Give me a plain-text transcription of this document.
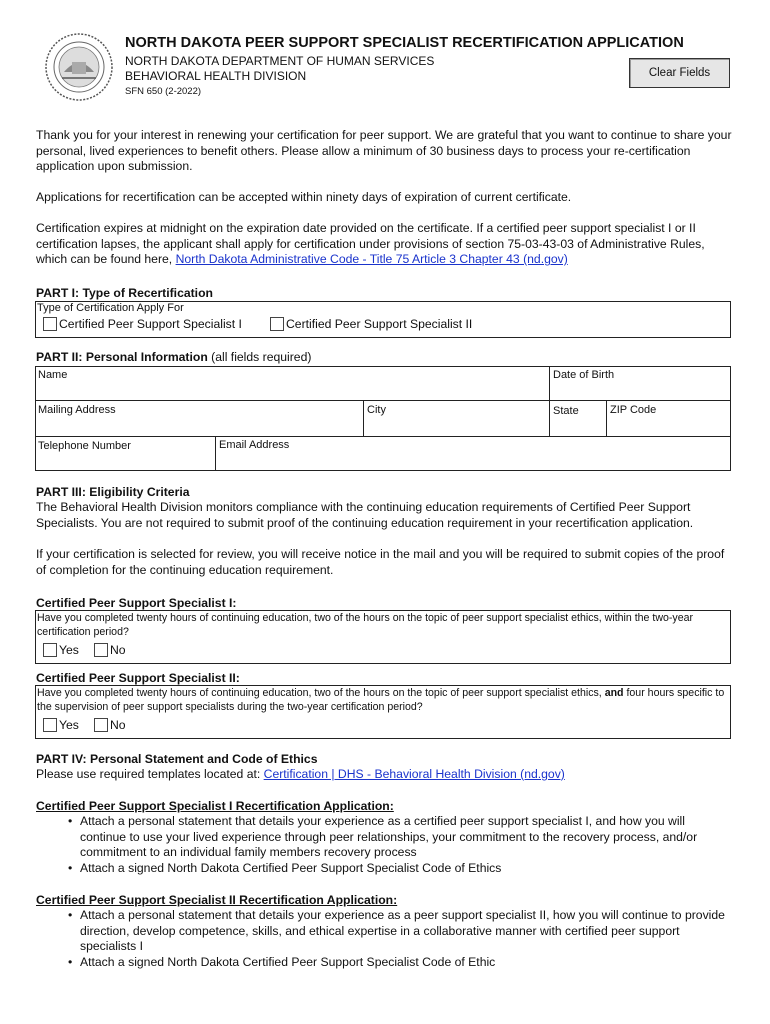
NORTH DAKOTA PEER SUPPORT SPECIALIST RECERTIFICATION APPLICATION
NORTH DAKOTA DEPARTMENT OF HUMAN SERVICES
BEHAVIORAL HEALTH DIVISION
SFN 650 (2-2022)
Clear Fields
Thank you for your interest in renewing your certification for peer support. We are grateful that you want to continue to share your personal, lived experiences to benefit others. Please allow a minimum of 30 business days to process your re-certification application upon submission.
Applications for recertification can be accepted within ninety days of expiration of current certificate.
Certification expires at midnight on the expiration date provided on the certificate. If a certified peer support specialist I or II certification lapses, the applicant shall apply for certification under provisions of section 75-03-43-03 of Administrative Rules, which can be found here, North Dakota Administrative Code - Title 75 Article 3 Chapter 43 (nd.gov)
PART I: Type of Recertification
Type of Certification Apply For
Certified Peer Support Specialist I	Certified Peer Support Specialist II
PART II: Personal Information (all fields required)
Name	Date of Birth
Mailing Address	City	State	ZIP Code
Telephone Number	Email Address
PART III: Eligibility Criteria
The Behavioral Health Division monitors compliance with the continuing education requirements of Certified Peer Support Specialists. You are not required to submit proof of the continuing education requirement in your recertification application.
If your certification is selected for review, you will receive notice in the mail and you will be required to submit copies of the proof of completion for the continuing education requirement.
Certified Peer Support Specialist I:
Have you completed twenty hours of continuing education, two of the hours on the topic of peer support specialist ethics, within the two-year certification period?
Yes	No
Certified Peer Support Specialist II:
Have you completed twenty hours of continuing education, two of the hours on the topic of peer support specialist ethics, and four hours specific to the supervision of peer support specialists during the two-year certification period?
Yes	No
PART IV: Personal Statement and Code of Ethics
Please use required templates located at: Certification | DHS - Behavioral Health Division (nd.gov)
Certified Peer Support Specialist I Recertification Application:
• Attach a personal statement that details your experience as a certified peer support specialist I, and how you will continue to use your lived experience through peer relationships, your commitment to the recovery process, and/or commitment to an individual family members recovery process
• Attach a signed North Dakota Certified Peer Support Specialist Code of Ethics
Certified Peer Support Specialist II Recertification Application:
• Attach a personal statement that details your experience as a peer support specialist II, how you will continue to provide direction, develop competence, skills, and ethical expertise in a collaborative manner with certified peer support specialists I
• Attach a signed North Dakota Certified Peer Support Specialist Code of Ethic
